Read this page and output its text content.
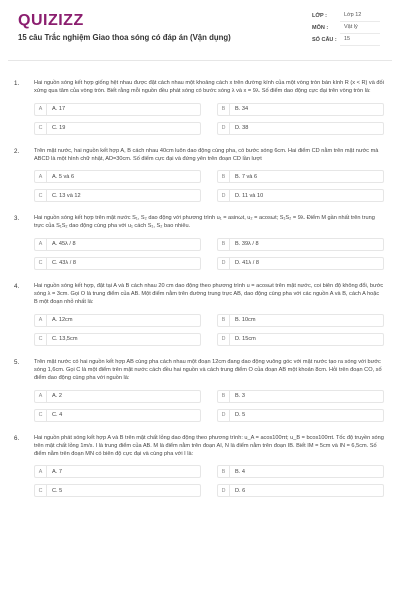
QUIZIZZ
15 câu Trắc nghiệm Giao thoa sóng có đáp án (Vận dụng)
LỚP :	Lớp 12
MÔN :	Vật lý
SỐ CÂU :	15
1.	Hai nguồn sóng kết hợp giống hệt nhau được đặt cách nhau một khoảng cách x trên đường kính của một vòng tròn bán kính R (x < R) và đối xứng qua tâm của vòng tròn. Biết rằng mỗi nguồn đều phát sóng có bước sóng λ và x = 9λ. Số điểm dao động cực đại trên vòng tròn là:
A	A. 17	B	B. 34
C	C. 19	D	D. 38
2.	Trên mặt nước, hai nguồn kết hợp A, B cách nhau 40cm luôn dao động cùng pha, có bước sóng 6cm. Hai điểm CD nằm trên mặt nước mà ABCD là một hình chữ nhật, AD=30cm. Số điểm cực đại và đứng yên trên đoạn CD lần lượt
A	A. 5 và 6	B	B. 7 và 6
C	C. 13 và 12	D	D. 11 và 10
3.	Hai nguồn sóng kết hợp trên mặt nước S₁, S₂ dao động với phương trình u₁ = asinωt, u₂ = acosωt; S₁S₂ = 9λ. Điểm M gần nhất trên trung trực của S₁S₂ dao động cùng pha với u₁ cách S₁, S₂ bao nhiêu.
A	A. 45λ / 8	B	B. 39λ / 8
C	C. 43λ / 8	D	D. 41λ / 8
4.	Hai nguồn sóng kết hợp, đặt tại A và B cách nhau 20 cm dao động theo phương trình u = acosωt trên mặt nước, coi biên độ không đổi, bước sóng λ = 3cm. Gọi O là trung điểm của AB. Một điểm nằm trên đường trung trực AB, dao động cùng pha với các nguồn A và B, cách A hoặc B một đoạn nhỏ nhất là:
A	A. 12cm	B	B. 10cm
C	C. 13,5cm	D	D. 15cm
5.	Trên mặt nước có hai nguồn kết hợp AB cùng pha cách nhau một đoạn 12cm đang dao động vuông góc với mặt nước tạo ra sóng với bước sóng 1,6cm. Gọi C là một điểm trên mặt nước cách đều hai nguồn và cách trung điểm O của đoạn AB một khoản 8cm. Hỏi trên đoạn CO, số điểm dao động cùng pha với nguồn là:
A	A. 2	B	B. 3
C	C. 4	D	D. 5
6.	Hai nguồn phát sóng kết hợp A và B trên mặt chất lỏng dao động theo phương trình: u_A = acos100πt; u_B = bcos100πt. Tốc độ truyền sóng trên mặt chất lỏng 1m/s. I là trung điểm của AB. M là điểm nằm trên đoạn AI, N là điểm nằm trên đoạn IB. Biết IM = 5cm và IN = 6,5cm. Số điểm nằm trên đoạn MN có biên độ cực đại và cùng pha với I là:
A	A. 7	B	B. 4
C	C. 5	D	D. 6
